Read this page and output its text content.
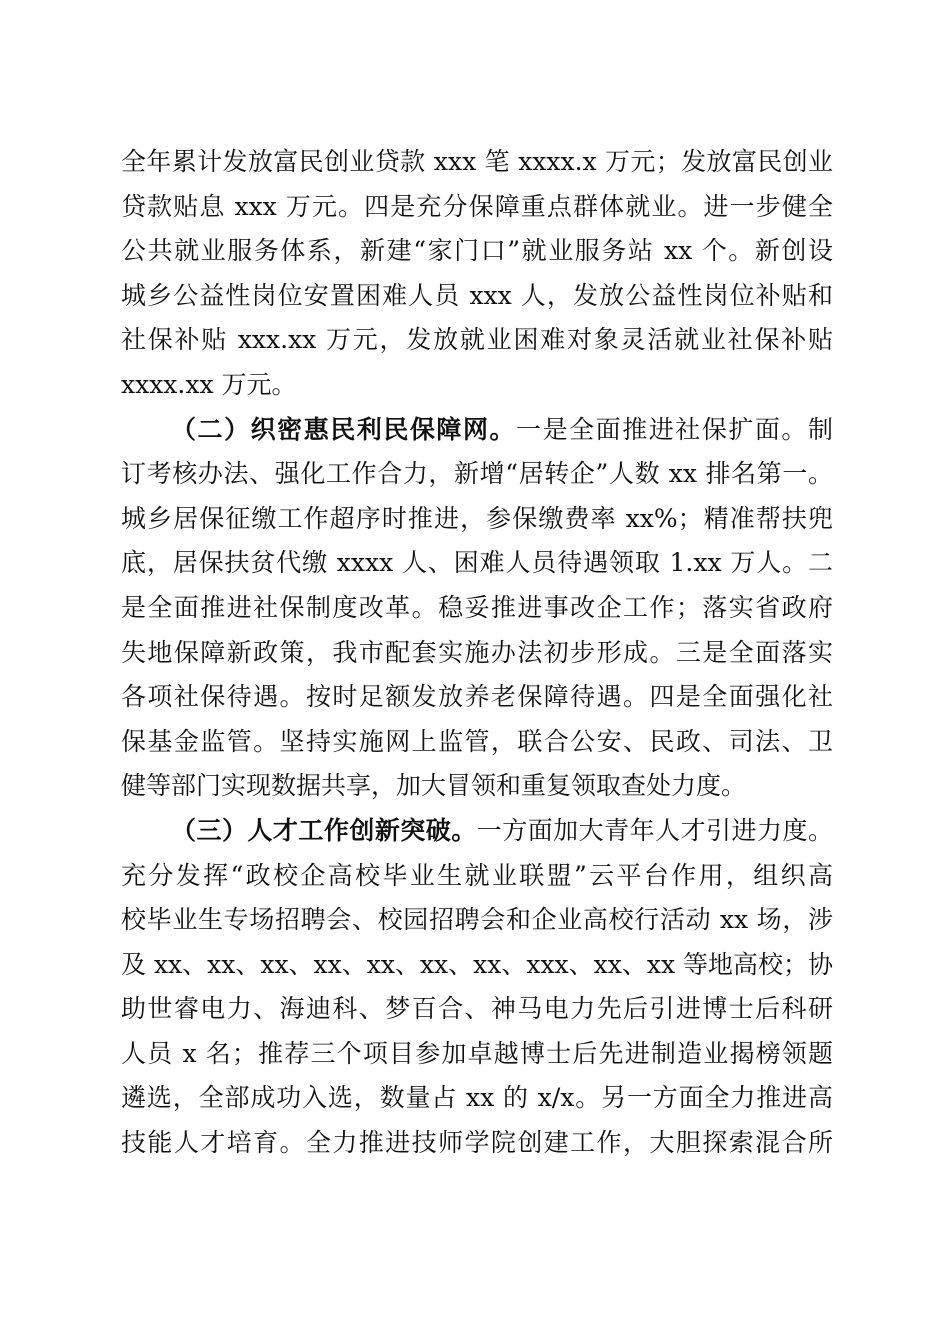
全年累计发放富民创业贷款 xxx 笔 xxxx.x 万元；发放富民创业
贷款贴息 xxx 万元。四是充分保障重点群体就业。进一步健全
公共就业服务体系，新建“家门口”就业服务站 xx 个。新创设
城乡公益性岗位安置困难人员 xxx 人，发放公益性岗位补贴和
社保补贴 xxx.xx 万元，发放就业困难对象灵活就业社保补贴
xxxx.xx 万元。
（二）织密惠民利民保障网。一是全面推进社保扩面。制
订考核办法、强化工作合力，新增“居转企”人数 xx 排名第一。
城乡居保征缴工作超序时推进，参保缴费率 xx%；精准帮扶兜
底，居保扶贫代缴 xxxx 人、困难人员待遇领取 1.xx 万人。二
是全面推进社保制度改革。稳妥推进事改企工作；落实省政府
失地保障新政策，我市配套实施办法初步形成。三是全面落实
各项社保待遇。按时足额发放养老保障待遇。四是全面强化社
保基金监管。坚持实施网上监管，联合公安、民政、司法、卫
健等部门实现数据共享，加大冒领和重复领取查处力度。
（三）人才工作创新突破。一方面加大青年人才引进力度。
充分发挥“政校企高校毕业生就业联盟”云平台作用，组织高
校毕业生专场招聘会、校园招聘会和企业高校行活动 xx 场，涉
及 xx、xx、xx、xx、xx、xx、xx、xxx、xx、xx 等地高校；协
助世睿电力、海迪科、梦百合、神马电力先后引进博士后科研
人员 x 名；推荐三个项目参加卓越博士后先进制造业揭榜领题
遴选，全部成功入选，数量占 xx 的 x/x。另一方面全力推进高
技能人才培育。全力推进技师学院创建工作，大胆探索混合所
